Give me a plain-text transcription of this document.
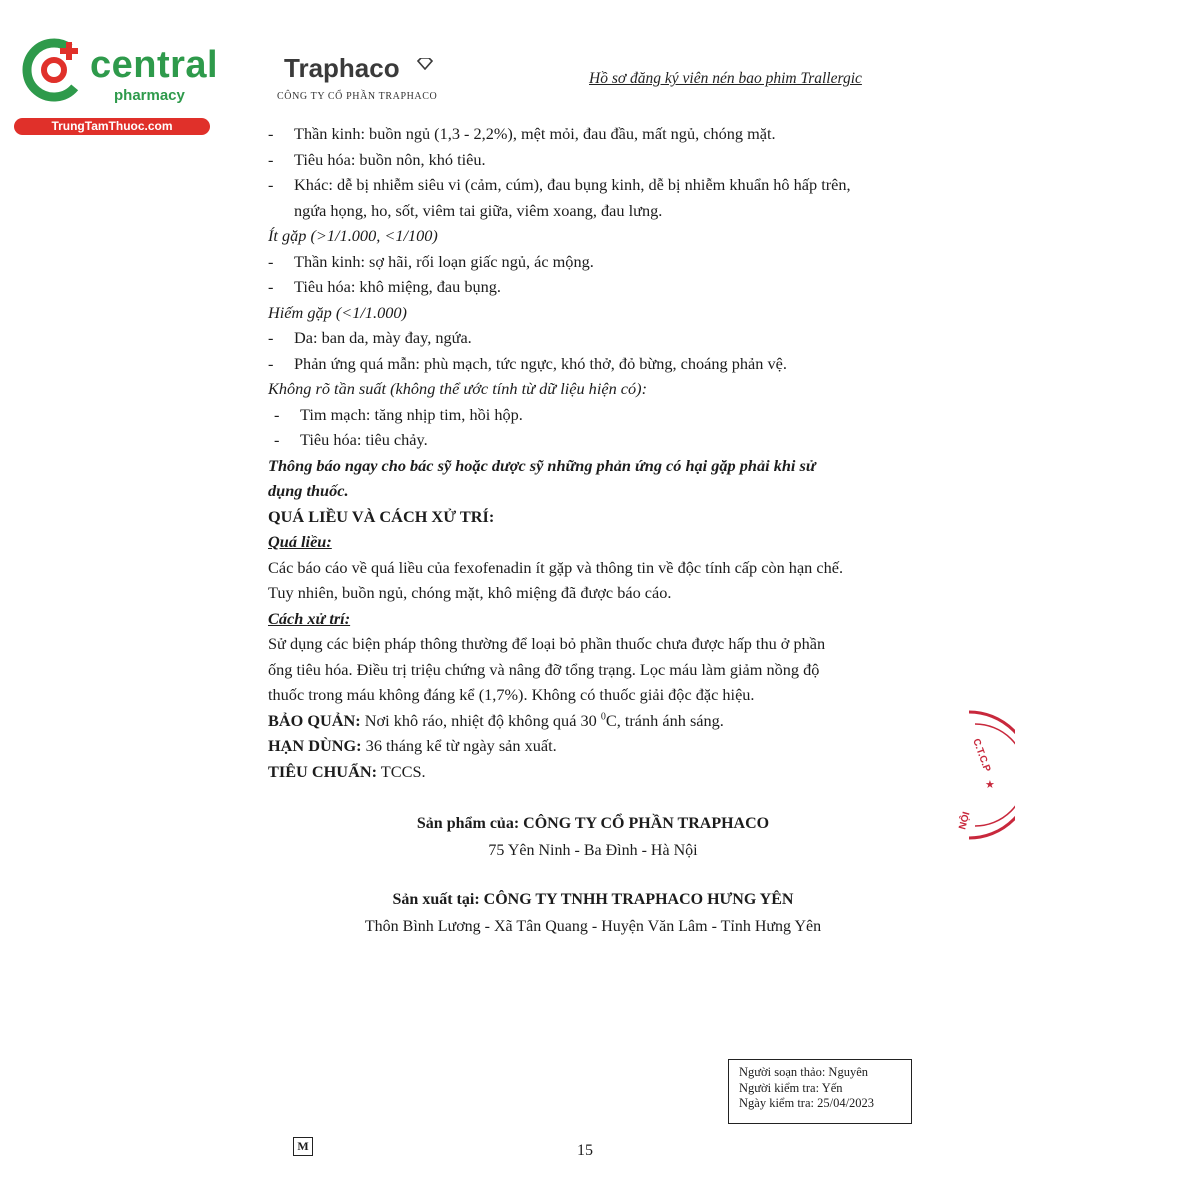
central
pharmacy
TrungTamThuoc.com
Traphaco
CÔNG TY CỔ PHẦN TRAPHACO
Hồ sơ đăng ký viên nén bao phim Trallergic
-	Thần kinh: buồn ngủ (1,3 - 2,2%), mệt mỏi, đau đầu, mất ngủ, chóng mặt.
-	Tiêu hóa: buồn nôn, khó tiêu.
-	Khác: dễ bị nhiễm siêu vi (cảm, cúm), đau bụng kinh, dễ bị nhiễm khuẩn hô hấp trên,
ngứa họng, ho, sốt, viêm tai giữa, viêm xoang, đau lưng.
Ít gặp (>1/1.000, <1/100)
-	Thần kinh: sợ hãi, rối loạn giấc ngủ, ác mộng.
-	Tiêu hóa: khô miệng, đau bụng.
Hiếm gặp (<1/1.000)
-	Da: ban da, mày đay, ngứa.
-	Phản ứng quá mẫn: phù mạch, tức ngực, khó thở, đỏ bừng, choáng phản vệ.
Không rõ tần suất (không thể ước tính từ dữ liệu hiện có):
-	Tim mạch: tăng nhịp tim, hồi hộp.
-	Tiêu hóa: tiêu chảy.
Thông báo ngay cho bác sỹ hoặc dược sỹ những phản ứng có hại gặp phải khi sử
dụng thuốc.
QUÁ LIỀU VÀ CÁCH XỬ TRÍ:
Quá liều:
Các báo cáo về quá liều của fexofenadin ít gặp và thông tin về độc tính cấp còn hạn chế.
Tuy nhiên, buồn ngủ, chóng mặt, khô miệng đã được báo cáo.
Cách xử trí:
Sử dụng các biện pháp thông thường để loại bỏ phần thuốc chưa được hấp thu ở phần
ống tiêu hóa. Điều trị triệu chứng và nâng đỡ tổng trạng. Lọc máu làm giảm nồng độ
thuốc trong máu không đáng kể (1,7%). Không có thuốc giải độc đặc hiệu.
BẢO QUẢN: Nơi khô ráo, nhiệt độ không quá 30 $^0$C, tránh ánh sáng.
HẠN DÙNG: 36 tháng kể từ ngày sản xuất.
TIÊU CHUẨN: TCCS.
Sản phẩm của: CÔNG TY CỔ PHẦN TRAPHACO
75 Yên Ninh - Ba Đình - Hà Nội
Sản xuất tại: CÔNG TY TNHH TRAPHACO HƯNG YÊN
Thôn Bình Lương - Xã Tân Quang - Huyện Văn Lâm - Tỉnh Hưng Yên
Người soạn thảo: Nguyên
Người kiểm tra: Yến
Ngày kiểm tra: 25/04/2023
M	15
C.T.C.P
★
NỘI
